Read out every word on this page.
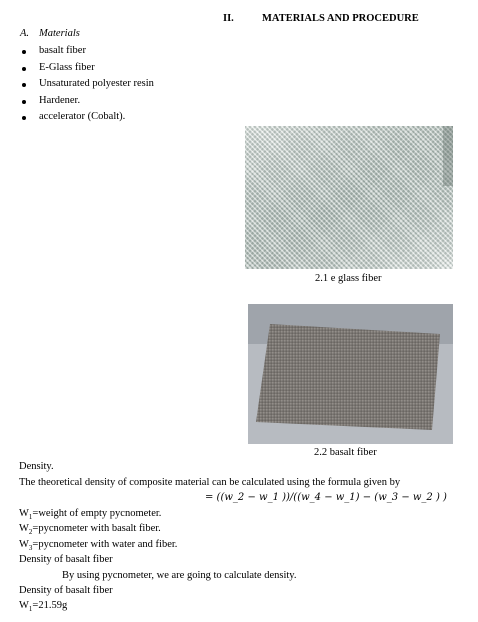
II.	MATERIALS AND PROCEDURE
A. Materials
basalt fiber
E-Glass fiber
Unsaturated polyester resin
Hardener.
accelerator (Cobalt).
2.1 e glass fiber
2.2 basalt fiber
Density.
The theoretical density of composite material can be calculated using the formula given by
= ((w_2 − w_1 ))/((w_4 − w_1) − (w_3 − w_2 ) )
$W_1=weight$ of empty pycnometer.
$W_2=pycnometer$ with basalt fiber.
$W_3=pycnometer$ with water and fiber.
Density of basalt fiber
By using pycnometer, we are going to calculate density.
Density of basalt fiber
$W_1=21.59g$
